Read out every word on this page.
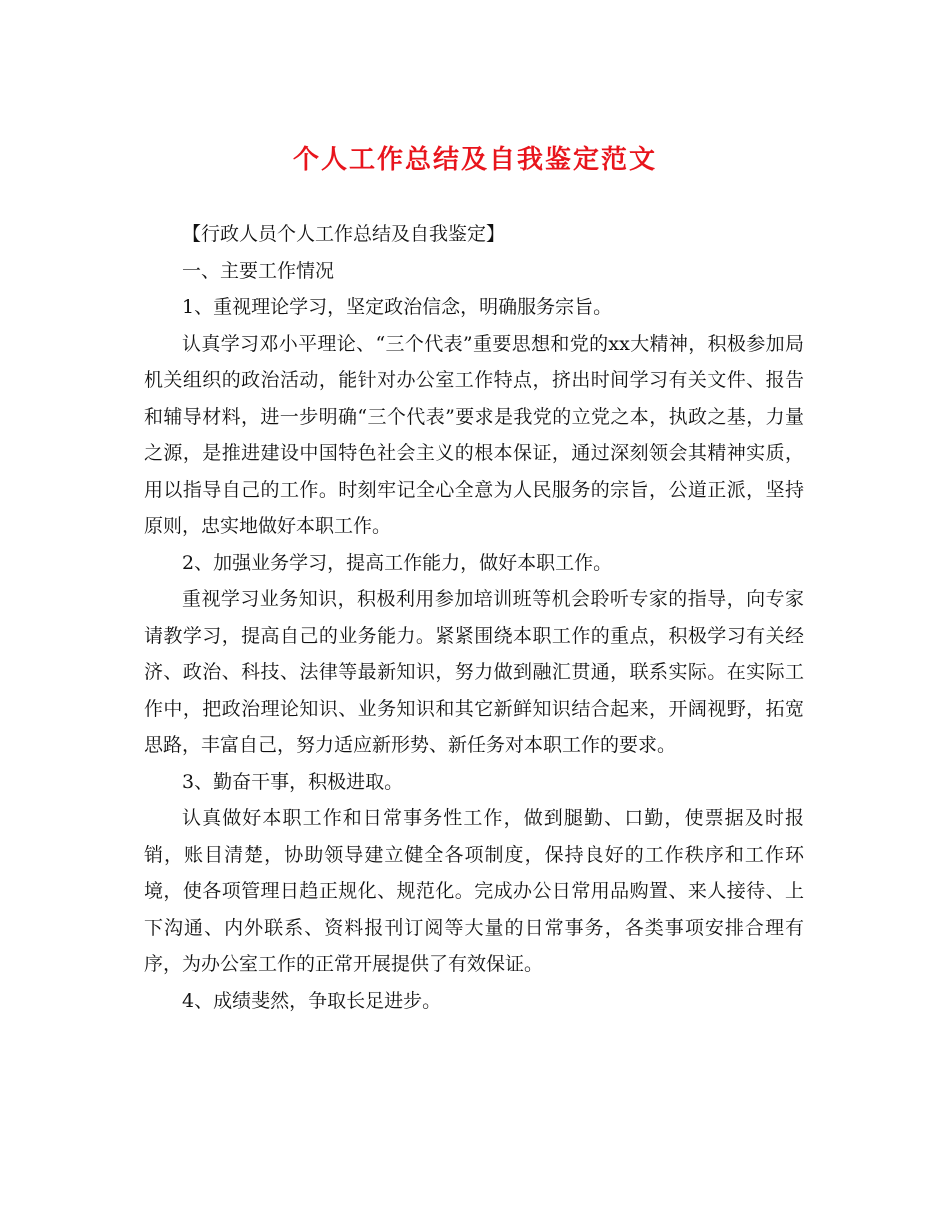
个人工作总结及自我鉴定范文

【行政人员个人工作总结及自我鉴定】

一、主要工作情况

1、重视理论学习，坚定政治信念，明确服务宗旨。

认真学习邓小平理论、“三个代表”重要思想和党的xx大精神，积极参加局机关组织的政治活动，能针对办公室工作特点，挤出时间学习有关文件、报告和辅导材料，进一步明确“三个代表”要求是我党的立党之本，执政之基，力量之源，是推进建设中国特色社会主义的根本保证，通过深刻领会其精神实质，用以指导自己的工作。时刻牢记全心全意为人民服务的宗旨，公道正派，坚持原则，忠实地做好本职工作。

2、加强业务学习，提高工作能力，做好本职工作。

重视学习业务知识，积极利用参加培训班等机会聆听专家的指导，向专家请教学习，提高自己的业务能力。紧紧围绕本职工作的重点，积极学习有关经济、政治、科技、法律等最新知识，努力做到融汇贯通，联系实际。在实际工作中，把政治理论知识、业务知识和其它新鲜知识结合起来，开阔视野，拓宽思路，丰富自己，努力适应新形势、新任务对本职工作的要求。

3、勤奋干事，积极进取。

认真做好本职工作和日常事务性工作，做到腿勤、口勤，使票据及时报销，账目清楚，协助领导建立健全各项制度，保持良好的工作秩序和工作环境，使各项管理日趋正规化、规范化。完成办公日常用品购置、来人接待、上下沟通、内外联系、资料报刊订阅等大量的日常事务，各类事项安排合理有序，为办公室工作的正常开展提供了有效保证。

4、成绩斐然，争取长足进步。
